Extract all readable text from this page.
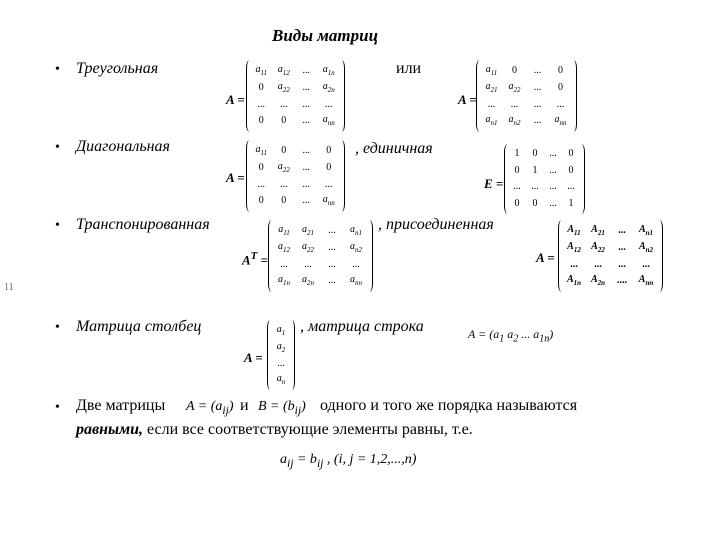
Виды матриц
• Треугольная	или
• Диагональная	, единичная
• Транспонированная	, присоединенная
11
• Матрица столбец	, матрица строка
• Две матрицы $A = (a_{ij})$ и $B = (b_{ij})$ одного и того же порядка называются
равными, если все соответствующие элементы равны, т.е.
$a_{ij} = b_{ij}$ , (i, j = 1,2,...,n)
A =	A =
A =	E =
$A^T$ =	A =
A =
$A = (a_1$ $a_2$ ... $a_{1n}$)
$a_{11}$	$a_{12}$	...	$a_{1n}$
0	$a_{22}$	...	$a_{2n}$
...	...	...	...
0	0	...	$a_{nn}$
$a_{11}$	0	...	0
$a_{21}$	$a_{22}$	...	0
...	...	...	...
$a_{n1}$	$a_{n2}$	...	$a_{nn}$
$a_{11}$	0	...	0
0	$a_{22}$	...	0
...	...	...	...
0	0	...	$a_{nn}$
1	0	...	0
0	1	...	0
...	...	...	...
0	0	...	1
$a_{11}$	$a_{21}$	...	$a_{n1}$
$a_{12}$	$a_{22}$	...	$a_{n2}$
...	...	...	...
$a_{1n}$	$a_{2n}$	...	$a_{nn}$
$A_{11}$	$A_{21}$	...	$A_{n1}$
$A_{12}$	$A_{22}$	...	$A_{n2}$
...	...	...	...
$A_{1n}$ $A_{2n}$	....	$A_{nn}$
$a_1$
$a_2$
...
$a_n$
